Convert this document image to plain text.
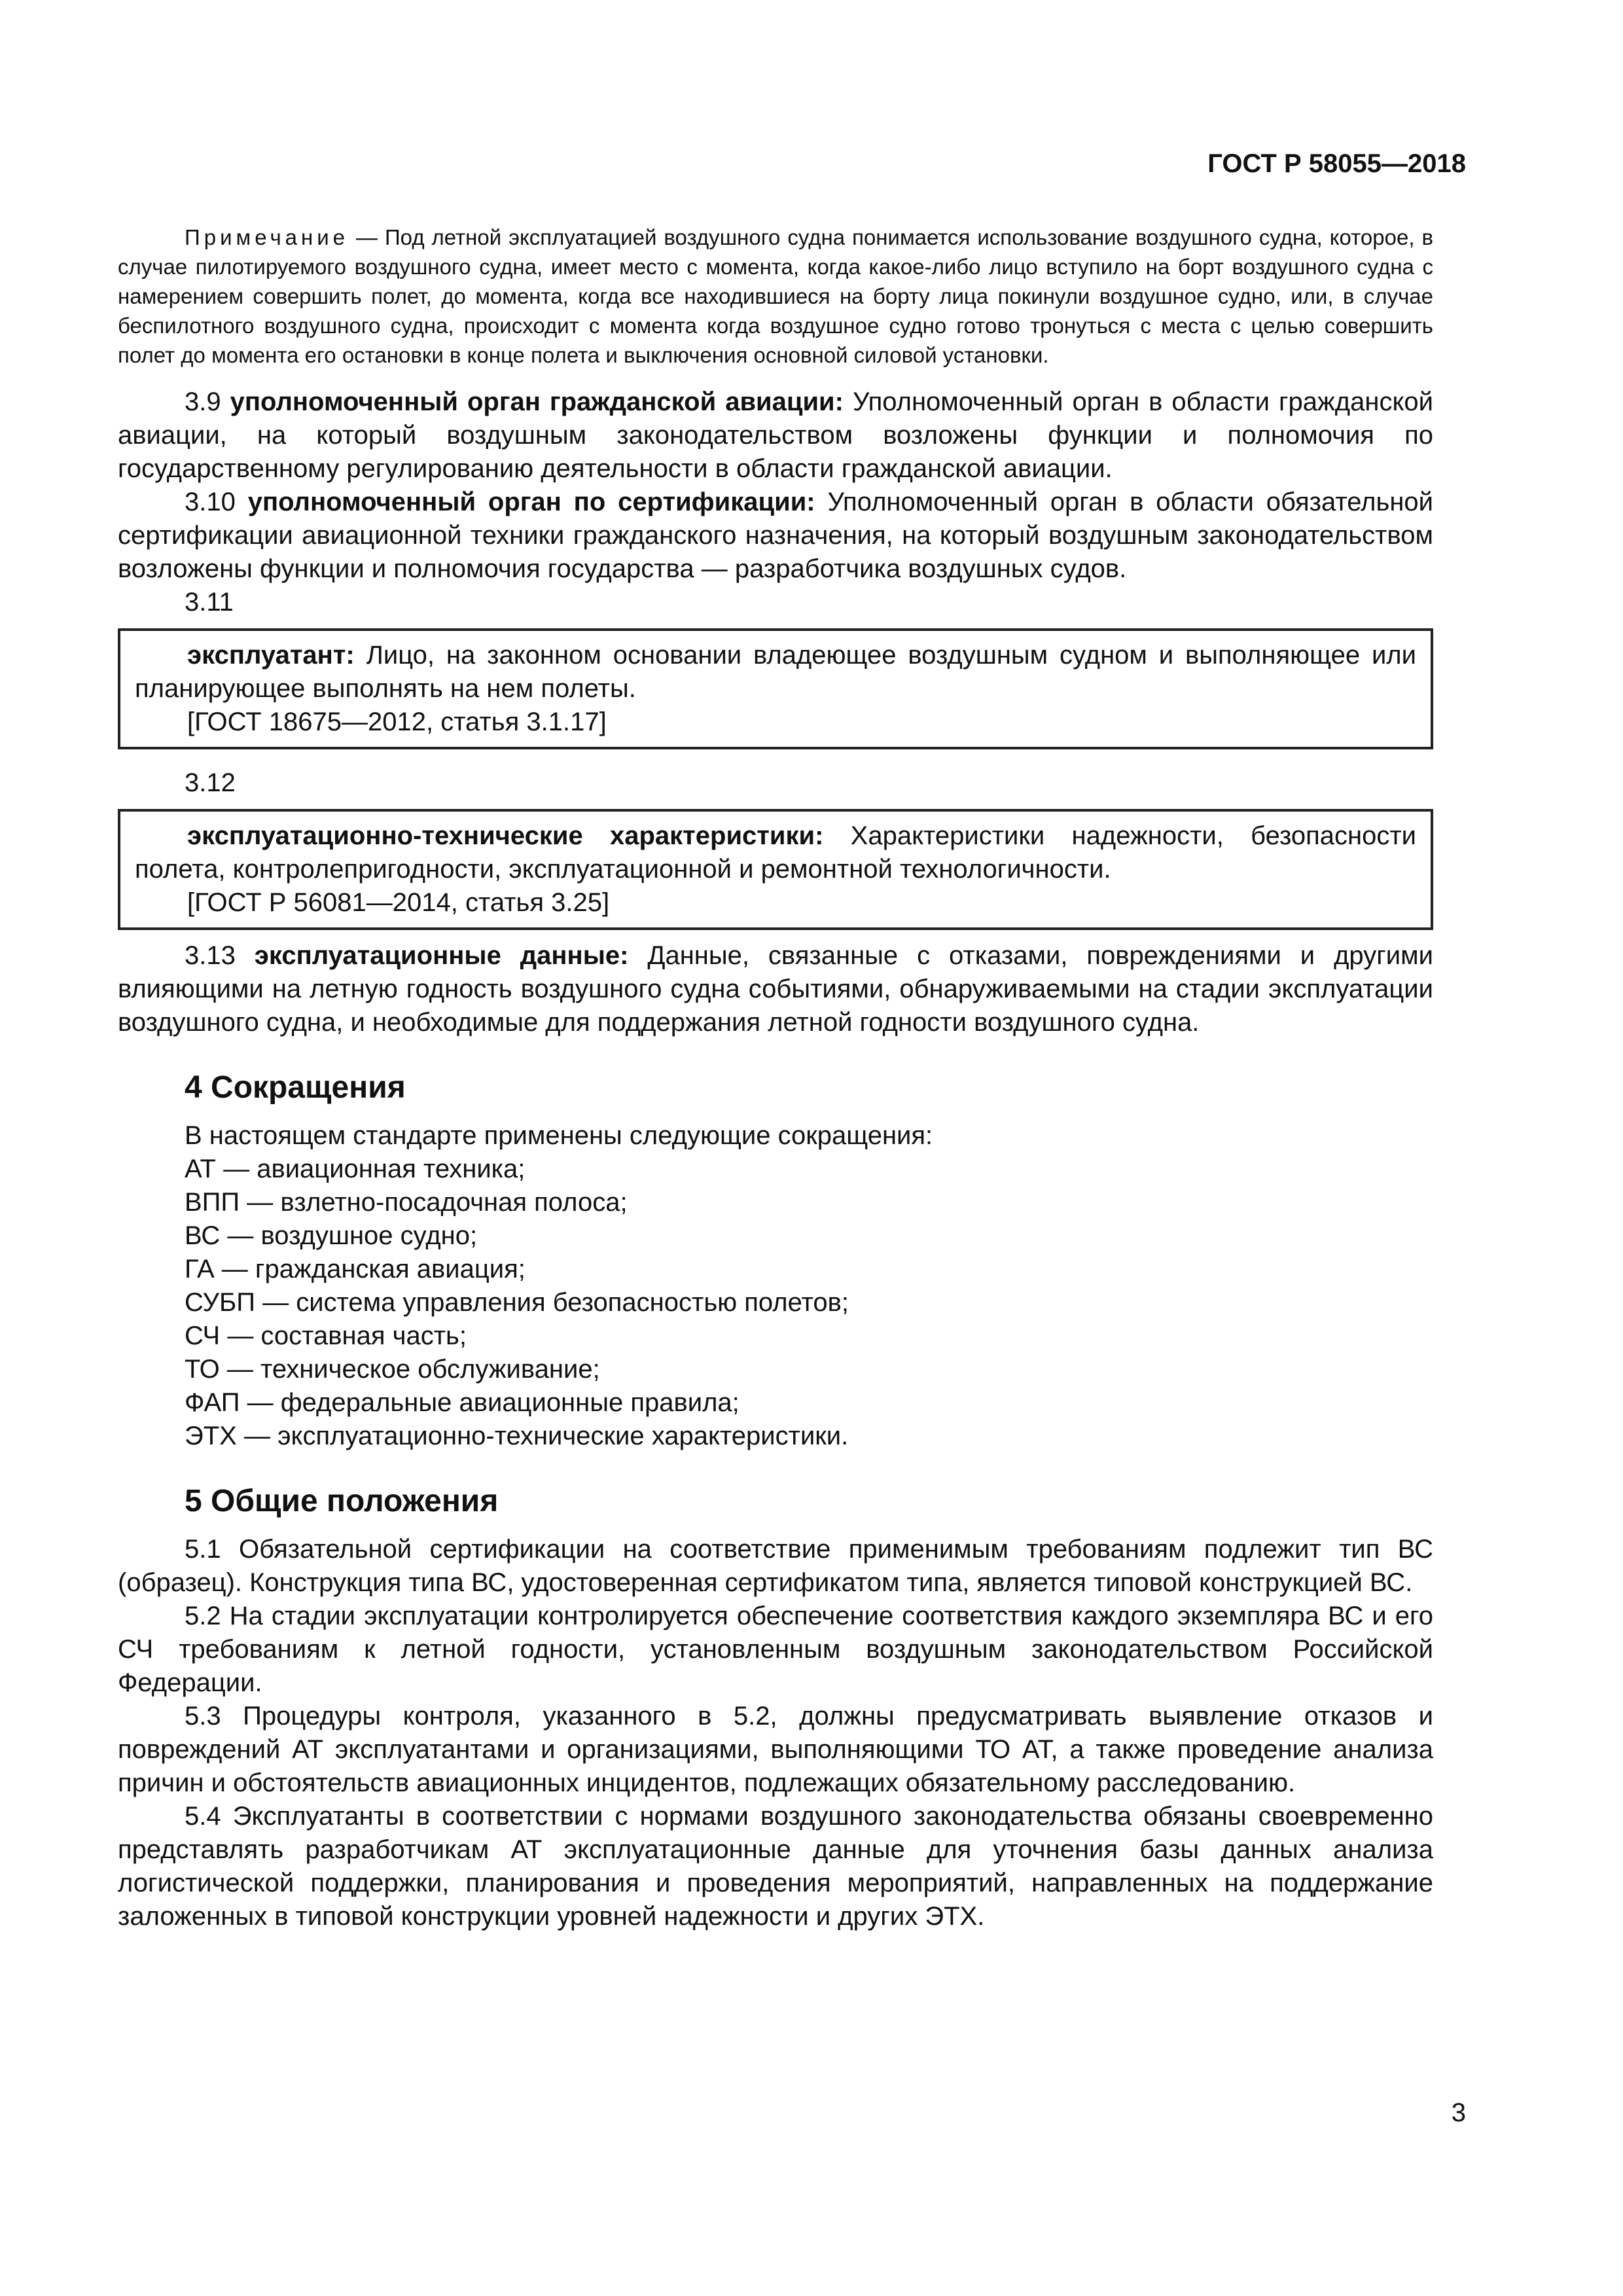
ГОСТ Р 58055—2018

Примечание — Под летной эксплуатацией воздушного судна понимается использование воздушного судна, которое, в случае пилотируемого воздушного судна, имеет место с момента, когда какое-либо лицо вступило на борт воздушного судна с намерением совершить полет, до момента, когда все находившиеся на борту лица покинули воздушное судно, или, в случае беспилотного воздушного судна, происходит с момента когда воздушное судно готово тронуться с места с целью совершить полет до момента его остановки в конце полета и выключения основной силовой установки.

3.9 уполномоченный орган гражданской авиации: Уполномоченный орган в области гражданской авиации, на который воздушным законодательством возложены функции и полномочия по государственному регулированию деятельности в области гражданской авиации.

3.10 уполномоченный орган по сертификации: Уполномоченный орган в области обязательной сертификации авиационной техники гражданского назначения, на который воздушным законодательством возложены функции и полномочия государства — разработчика воздушных судов.

3.11

эксплуатант: Лицо, на законном основании владеющее воздушным судном и выполняющее или планирующее выполнять на нем полеты.

[ГОСТ 18675—2012, статья 3.1.17]

3.12

эксплуатационно-технические характеристики: Характеристики надежности, безопасности полета, контролепригодности, эксплуатационной и ремонтной технологичности.

[ГОСТ Р 56081—2014, статья 3.25]

3.13 эксплуатационные данные: Данные, связанные с отказами, повреждениями и другими влияющими на летную годность воздушного судна событиями, обнаруживаемыми на стадии эксплуатации воздушного судна, и необходимые для поддержания летной годности воздушного судна.

4 Сокращения

В настоящем стандарте применены следующие сокращения:

АТ — авиационная техника;

ВПП — взлетно-посадочная полоса;

ВС — воздушное судно;

ГА — гражданская авиация;

СУБП — система управления безопасностью полетов;

СЧ — составная часть;

ТО — техническое обслуживание;

ФАП — федеральные авиационные правила;

ЭТХ — эксплуатационно-технические характеристики.

5 Общие положения

5.1 Обязательной сертификации на соответствие применимым требованиям подлежит тип ВС (образец). Конструкция типа ВС, удостоверенная сертификатом типа, является типовой конструкцией ВС.

5.2 На стадии эксплуатации контролируется обеспечение соответствия каждого экземпляра ВС и его СЧ требованиям к летной годности, установленным воздушным законодательством Российской Федерации.

5.3 Процедуры контроля, указанного в 5.2, должны предусматривать выявление отказов и повреждений АТ эксплуатантами и организациями, выполняющими ТО АТ, а также проведение анализа причин и обстоятельств авиационных инцидентов, подлежащих обязательному расследованию.

5.4 Эксплуатанты в соответствии с нормами воздушного законодательства обязаны своевременно представлять разработчикам АТ эксплуатационные данные для уточнения базы данных анализа логистической поддержки, планирования и проведения мероприятий, направленных на поддержание заложенных в типовой конструкции уровней надежности и других ЭТХ.

3
